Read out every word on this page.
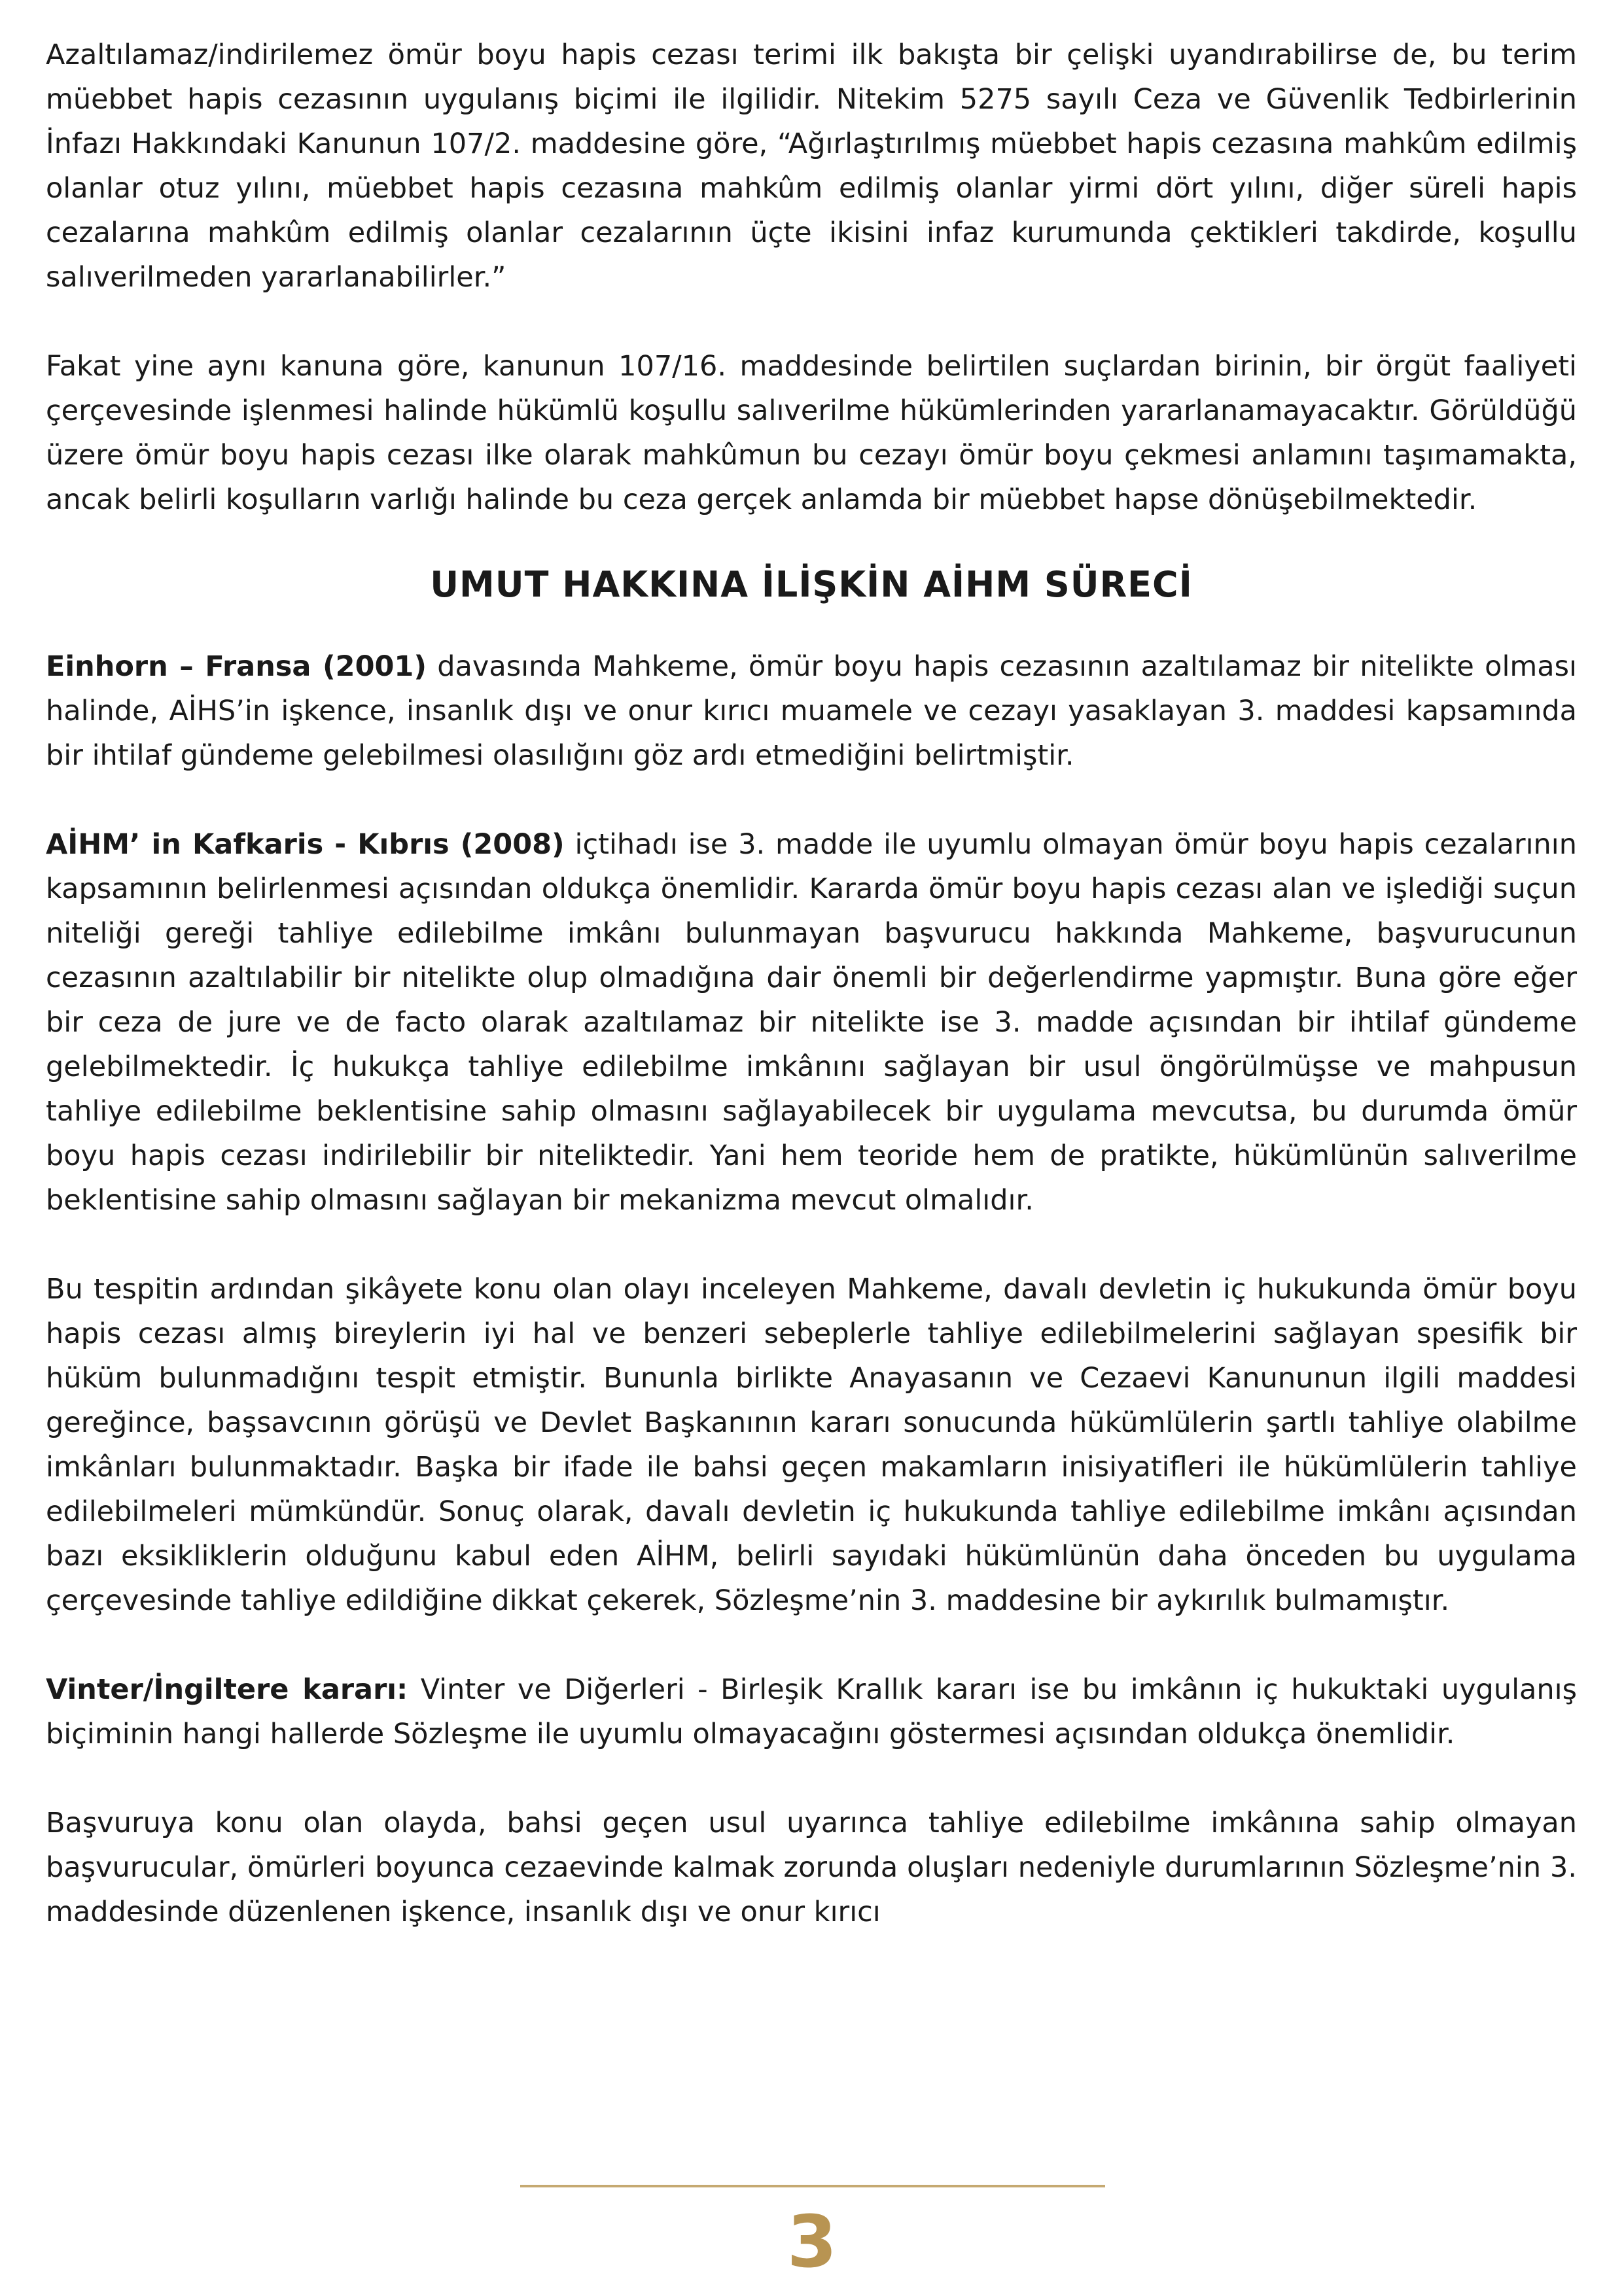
Azaltılamaz/indirilemez ömür boyu hapis cezası terimi ilk bakışta bir çelişki uyandırabilirse de, bu terim müebbet hapis cezasının uygulanış biçimi ile ilgilidir. Nitekim 5275 sayılı Ceza ve Güvenlik Tedbirlerinin İnfazı Hakkındaki Kanunun 107/2. maddesine göre, “Ağırlaştırılmış müebbet hapis cezasına mahkûm edilmiş olanlar otuz yılını, müebbet hapis cezasına mahkûm edilmiş olanlar yirmi dört yılını, diğer süreli hapis cezalarına mahkûm edilmiş olanlar cezalarının üçte ikisini infaz kurumunda çektikleri takdirde, koşullu salıverilmeden yararlanabilirler.”

Fakat yine aynı kanuna göre, kanunun 107/16. maddesinde belirtilen suçlardan birinin, bir örgüt faaliyeti çerçevesinde işlenmesi halinde hükümlü koşullu salıverilme hükümlerinden yararlanamayacaktır. Görüldüğü üzere ömür boyu hapis cezası ilke olarak mahkûmun bu cezayı ömür boyu çekmesi anlamını taşımamakta, ancak belirli koşulların varlığı halinde bu ceza gerçek anlamda bir müebbet hapse dönüşebilmektedir.

UMUT HAKKINA İLİŞKİN AİHM SÜRECİ

Einhorn – Fransa (2001) davasında Mahkeme, ömür boyu hapis cezasının azaltılamaz bir nitelikte olması halinde, AİHS’in işkence, insanlık dışı ve onur kırıcı muamele ve cezayı yasaklayan 3. maddesi kapsamında bir ihtilaf gündeme gelebilmesi olasılığını göz ardı etmediğini belirtmiştir.

AİHM’ in Kafkaris - Kıbrıs (2008) içtihadı ise 3. madde ile uyumlu olmayan ömür boyu hapis cezalarının kapsamının belirlenmesi açısından oldukça önemlidir. Kararda ömür boyu hapis cezası alan ve işlediği suçun niteliği gereği tahliye edilebilme imkânı bulunmayan başvurucu hakkında Mahkeme, başvurucunun cezasının azaltılabilir bir nitelikte olup olmadığına dair önemli bir değerlendirme yapmıştır. Buna göre eğer bir ceza de jure ve de facto olarak azaltılamaz bir nitelikte ise 3. madde açısından bir ihtilaf gündeme gelebilmektedir. İç hukukça tahliye edilebilme imkânını sağlayan bir usul öngörülmüşse ve mahpusun tahliye edilebilme beklentisine sahip olmasını sağlayabilecek bir uygulama mevcutsa, bu durumda ömür boyu hapis cezası indirilebilir bir niteliktedir. Yani hem teoride hem de pratikte, hükümlünün salıverilme beklentisine sahip olmasını sağlayan bir mekanizma mevcut olmalıdır.

Bu tespitin ardından şikâyete konu olan olayı inceleyen Mahkeme, davalı devletin iç hukukunda ömür boyu hapis cezası almış bireylerin iyi hal ve benzeri sebeplerle tahliye edilebilmelerini sağlayan spesifik bir hüküm bulunmadığını tespit etmiştir. Bununla birlikte Anayasanın ve Cezaevi Kanununun ilgili maddesi gereğince, başsavcının görüşü ve Devlet Başkanının kararı sonucunda hükümlülerin şartlı tahliye olabilme imkânları bulunmaktadır. Başka bir ifade ile bahsi geçen makamların inisiyatifleri ile hükümlülerin tahliye edilebilmeleri mümkündür. Sonuç olarak, davalı devletin iç hukukunda tahliye edilebilme imkânı açısından bazı eksikliklerin olduğunu kabul eden AİHM, belirli sayıdaki hükümlünün daha önceden bu uygulama çerçevesinde tahliye edildiğine dikkat çekerek, Sözleşme’nin 3. maddesine bir aykırılık bulmamıştır.

Vinter/İngiltere kararı: Vinter ve Diğerleri - Birleşik Krallık kararı ise bu imkânın iç hukuktaki uygulanış biçiminin hangi hallerde Sözleşme ile uyumlu olmayacağını göstermesi açısından oldukça önemlidir.

Başvuruya konu olan olayda, bahsi geçen usul uyarınca tahliye edilebilme imkânına sahip olmayan başvurucular, ömürleri boyunca cezaevinde kalmak zorunda oluşları nedeniyle durumlarının Sözleşme’nin 3. maddesinde düzenlenen işkence, insanlık dışı ve onur kırıcı

3
